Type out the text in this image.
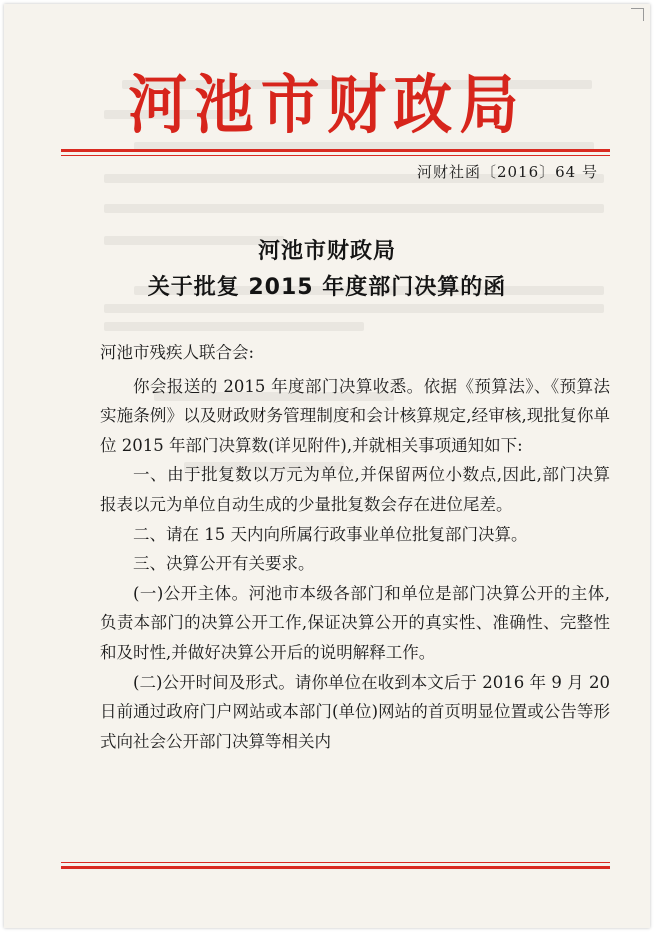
河池市财政局
河财社函〔2016〕64 号
河池市财政局
关于批复 2015 年度部门决算的函

河池市残疾人联合会:

你会报送的 2015 年度部门决算收悉。依据《预算法》、《预算法实施条例》以及财政财务管理制度和会计核算规定,经审核,现批复你单位 2015 年部门决算数(详见附件),并就相关事项通知如下:

一、由于批复数以万元为单位,并保留两位小数点,因此,部门决算报表以元为单位自动生成的少量批复数会存在进位尾差。

二、请在 15 天内向所属行政事业单位批复部门决算。

三、决算公开有关要求。

(一)公开主体。河池市本级各部门和单位是部门决算公开的主体,负责本部门的决算公开工作,保证决算公开的真实性、准确性、完整性和及时性,并做好决算公开后的说明解释工作。

(二)公开时间及形式。请你单位在收到本文后于 2016 年 9 月 20 日前通过政府门户网站或本部门(单位)网站的首页明显位置或公告等形式向社会公开部门决算等相关内
